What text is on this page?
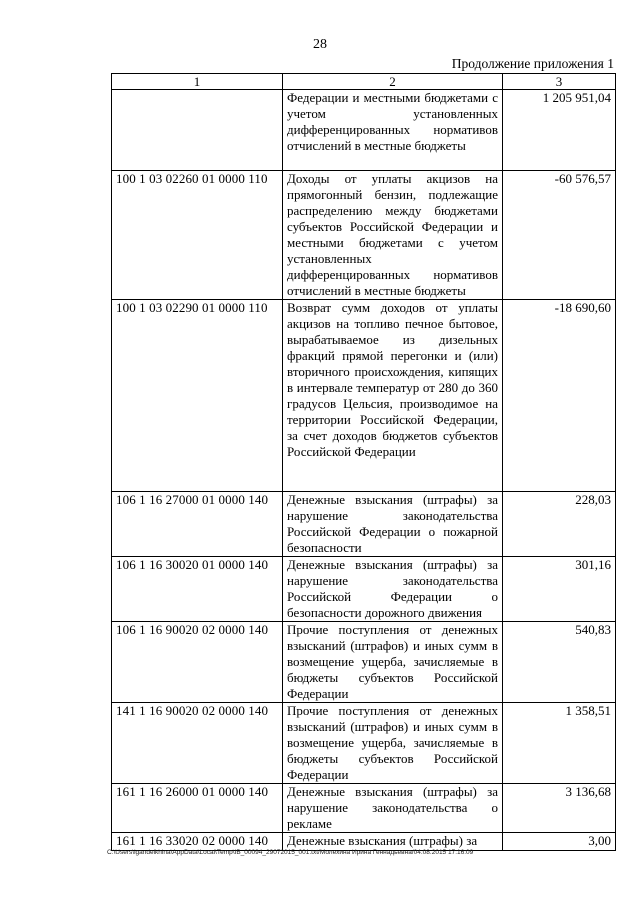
28
Продолжение приложения 1
1	2	3
	Федерации и местными бюджетами с учетом установленных дифференцированных нормативов отчислений в местные бюджеты	1 205 951,04
100 1 03 02260 01 0000 110	Доходы от уплаты акцизов на прямогонный бензин, подлежащие распределению между бюджетами субъектов Российской Федерации и местными бюджетами с учетом установленных дифференцированных нормативов отчислений в местные бюджеты	-60 576,57
100 1 03 02290 01 0000 110	Возврат сумм доходов от уплаты акцизов на топливо печное бытовое, вырабатываемое из дизельных фракций прямой перегонки и (или) вторичного происхождения, кипящих в интервале температур от 280 до 360 градусов Цельсия, производимое на территории Российской Федерации, за счет доходов бюджетов субъектов Российской Федерации	-18 690,60
106 1 16 27000 01 0000 140	Денежные взыскания (штрафы) за нарушение законодательства Российской Федерации о пожарной безопасности	228,03
106 1 16 30020 01 0000 140	Денежные взыскания (штрафы) за нарушение законодательства Российской Федерации о безопасности дорожного движения	301,16
106 1 16 90020 02 0000 140	Прочие поступления от денежных взысканий (штрафов) и иных сумм в возмещение ущерба, зачисляемые в бюджеты субъектов Российской Федерации	540,83
141 1 16 90020 02 0000 140	Прочие поступления от денежных взысканий (штрафов) и иных сумм в возмещение ущерба, зачисляемые в бюджеты субъектов Российской Федерации	1 358,51
161 1 16 26000 01 0000 140	Денежные взыскания (штрафы) за нарушение законодательства о рекламе	3 136,68
161 1 16 33020 02 0000 140	Денежные взыскания (штрафы) за	3,00
C:\Users\igandelkhina\AppData\Local\Temp\IB_00094_29072015_001.txt/Молехина Ирина Геннадьевна/04.08.2015 17:16:09
